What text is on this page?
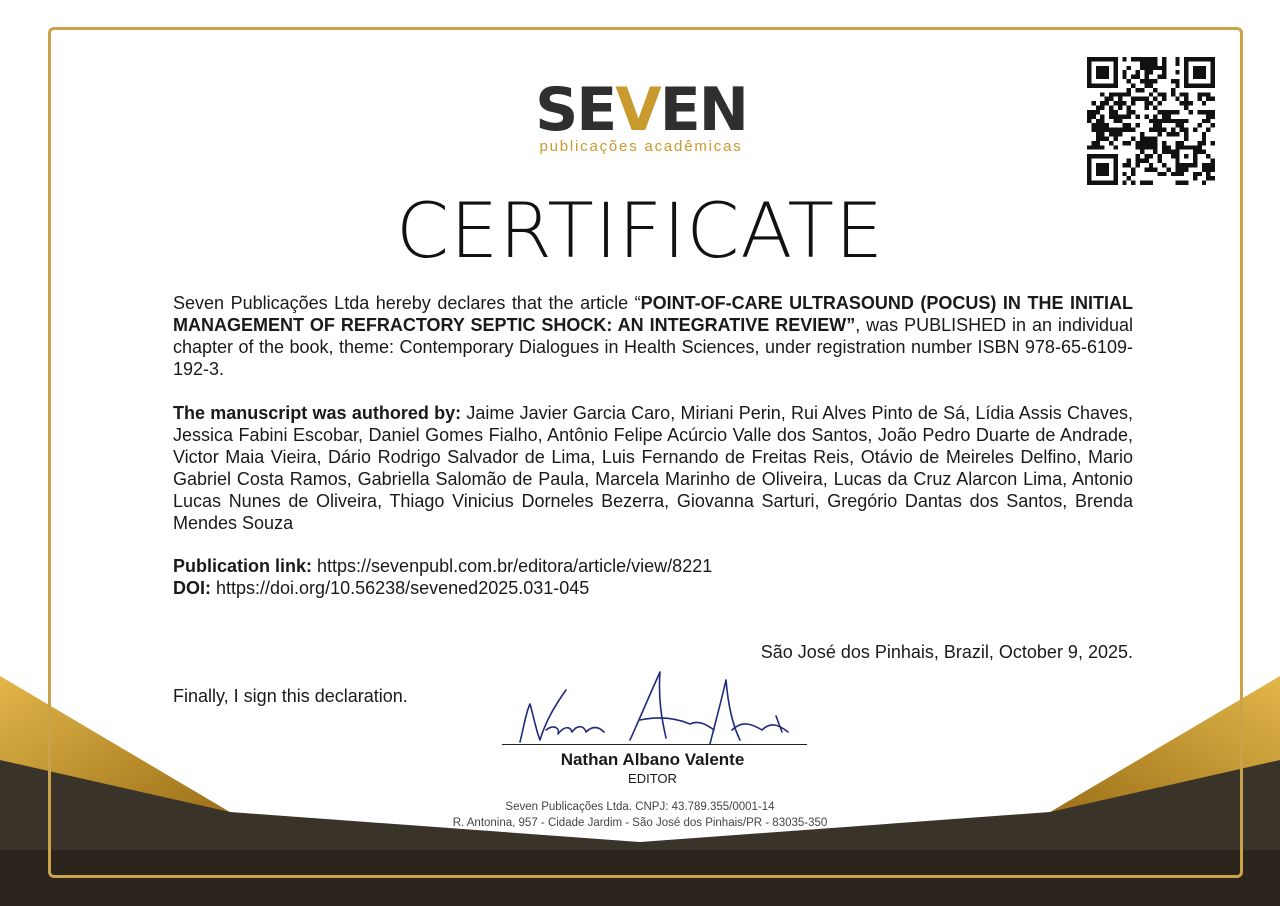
SEVEN
publicações acadêmicas
CERTIFICATE
Seven Publicações Ltda hereby declares that the article “POINT-OF-CARE ULTRASOUND (POCUS) IN THE INITIAL MANAGEMENT OF REFRACTORY SEPTIC SHOCK: AN INTEGRATIVE REVIEW”, was PUBLISHED in an individual chapter of the book, theme: Contemporary Dialogues in Health Sciences, under registration number ISBN 978-65-6109-192-3.
The manuscript was authored by: Jaime Javier Garcia Caro, Miriani Perin, Rui Alves Pinto de Sá, Lídia Assis Chaves, Jessica Fabini Escobar, Daniel Gomes Fialho, Antônio Felipe Acúrcio Valle dos Santos, João Pedro Duarte de Andrade, Victor Maia Vieira, Dário Rodrigo Salvador de Lima, Luis Fernando de Freitas Reis, Otávio de Meireles Delfino, Mario Gabriel Costa Ramos, Gabriella Salomão de Paula, Marcela Marinho de Oliveira, Lucas da Cruz Alarcon Lima, Antonio Lucas Nunes de Oliveira, Thiago Vinicius Dorneles Bezerra, Giovanna Sarturi, Gregório Dantas dos Santos, Brenda Mendes Souza
Publication link: https://sevenpubl.com.br/editora/article/view/8221
DOI: https://doi.org/10.56238/sevened2025.031-045
São José dos Pinhais, Brazil, October 9, 2025.
Finally, I sign this declaration.
Nathan Albano Valente
EDITOR
Seven Publicações Ltda. CNPJ: 43.789.355/0001-14
R. Antonina, 957 - Cidade Jardim - São José dos Pinhais/PR - 83035-350
